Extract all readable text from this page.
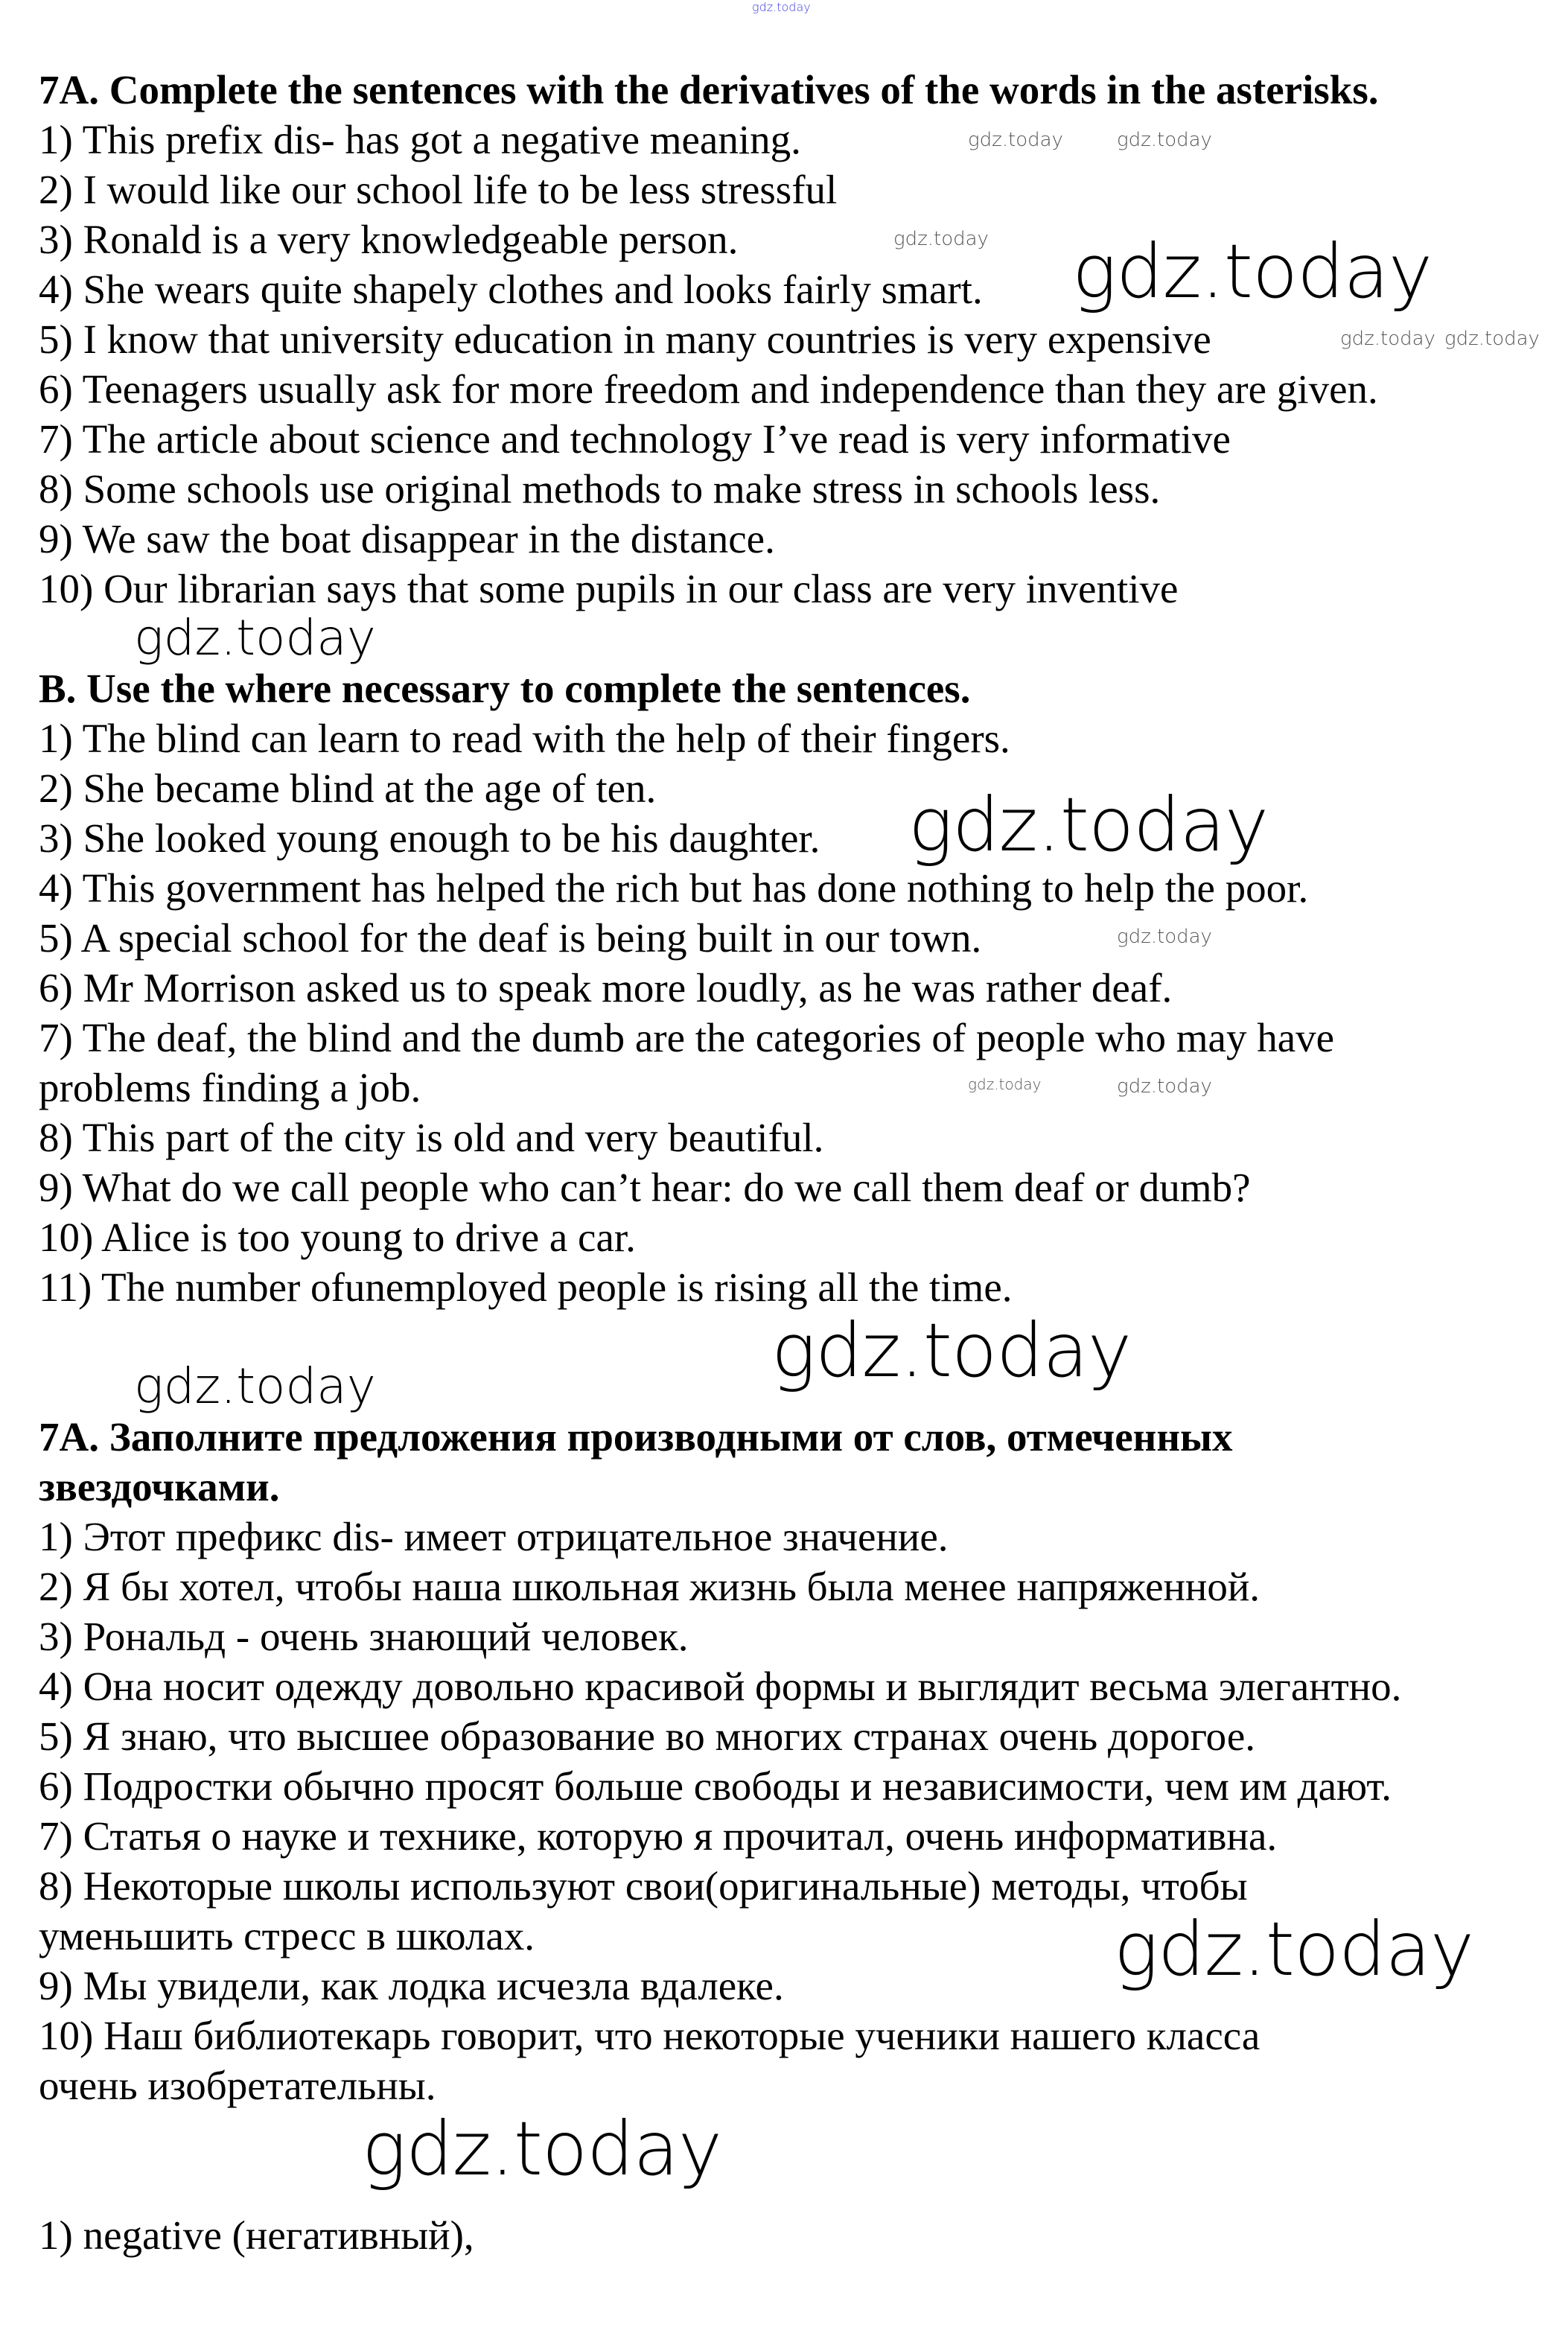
7A. Complete the sentences with the derivatives of the words in the asterisks.
1) This prefix dis- has got a negative meaning.
2) I would like our school life to be less stressful
3) Ronald is a very knowledgeable person.
4) She wears quite shapely clothes and looks fairly smart.
5) I know that university education in many countries is very expensive
6) Teenagers usually ask for more freedom and independence than they are given.
7) The article about science and technology I’ve read is very informative
8) Some schools use original methods to make stress in schools less.
9) We saw the boat disappear in the distance.
10) Our librarian says that some pupils in our class are very inventive
B. Use the where necessary to complete the sentences.
1) The blind can learn to read with the help of their fingers.
2) She became blind at the age of ten.
3) She looked young enough to be his daughter.
4) This government has helped the rich but has done nothing to help the poor.
5) A special school for the deaf is being built in our town.
6) Mr Morrison asked us to speak more loudly, as he was rather deaf.
7) The deaf, the blind and the dumb are the categories of people who may have
problems finding a job.
8) This part of the city is old and very beautiful.
9) What do we call people who can’t hear: do we call them deaf or dumb?
10) Alice is too young to drive a car.
11) The number ofunemployed people is rising all the time.
7A. Заполните предложения производными от слов, отмеченных
звездочками.
1) Этот префикс dis- имеет отрицательное значение.
2) Я бы хотел, чтобы наша школьная жизнь была менее напряженной.
3) Рональд - очень знающий человек.
4) Она носит одежду довольно красивой формы и выглядит весьма элегантно.
5) Я знаю, что высшее образование во многих странах очень дорогое.
6) Подростки обычно просят больше свободы и независимости, чем им дают.
7) Статья о науке и технике, которую я прочитал, очень информативна.
8) Некоторые школы используют свои(оригинальные) методы, чтобы
уменьшить стресс в школах.
9) Мы увидели, как лодка исчезла вдалеке.
10) Наш библиотекарь говорит, что некоторые ученики нашего класса
очень изобретательны.
1) negative (негативный),
gdz.today
gdz.today	gdz.today
gdz.today
gdz.today gdz.today
gdz.today
gdz.today	gdz.today
gdz.today
gdz.today
gdz.today
gdz.today
gdz.today
gdz.today
gdz.today
